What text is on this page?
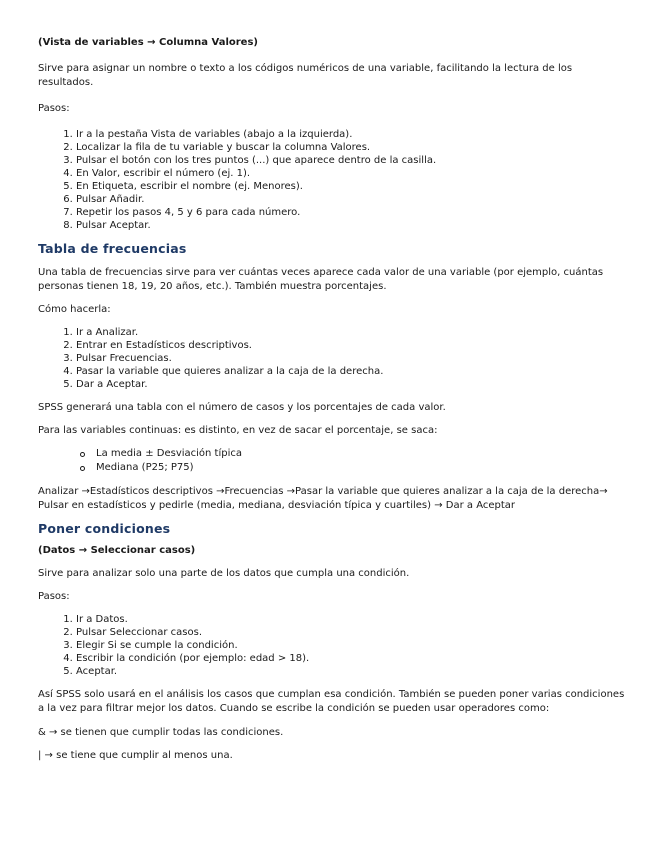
(Vista de variables → Columna Valores)

Sirve para asignar un nombre o texto a los códigos numéricos de una variable, facilitando la lectura de los resultados.

Pasos:

1. Ir a la pestaña Vista de variables (abajo a la izquierda).
2. Localizar la fila de tu variable y buscar la columna Valores.
3. Pulsar el botón con los tres puntos (...) que aparece dentro de la casilla.
4. En Valor, escribir el número (ej. 1).
5. En Etiqueta, escribir el nombre (ej. Menores).
6. Pulsar Añadir.
7. Repetir los pasos 4, 5 y 6 para cada número.
8. Pulsar Aceptar.
Tabla de frecuencias

Una tabla de frecuencias sirve para ver cuántas veces aparece cada valor de una variable (por ejemplo, cuántas personas tienen 18, 19, 20 años, etc.). También muestra porcentajes.

Cómo hacerla:

1. Ir a Analizar.
2. Entrar en Estadísticos descriptivos.
3. Pulsar Frecuencias.
4. Pasar la variable que quieres analizar a la caja de la derecha.
5. Dar a Aceptar.

SPSS generará una tabla con el número de casos y los porcentajes de cada valor.

Para las variables continuas: es distinto, en vez de sacar el porcentaje, se saca:

La media ± Desviación típica
Mediana (P25; P75)

Analizar →Estadísticos descriptivos →Frecuencias →Pasar la variable que quieres analizar a la caja de la derecha→ Pulsar en estadísticos y pedirle (media, mediana, desviación típica y cuartiles) → Dar a Aceptar

Poner condiciones

(Datos → Seleccionar casos)

Sirve para analizar solo una parte de los datos que cumpla una condición.

Pasos:

1. Ir a Datos.
2. Pulsar Seleccionar casos.
3. Elegir Si se cumple la condición.
4. Escribir la condición (por ejemplo: edad > 18).
5. Aceptar.

Así SPSS solo usará en el análisis los casos que cumplan esa condición. También se pueden poner varias condiciones a la vez para filtrar mejor los datos. Cuando se escribe la condición se pueden usar operadores como:

& → se tienen que cumplir todas las condiciones.

| → se tiene que cumplir al menos una.
